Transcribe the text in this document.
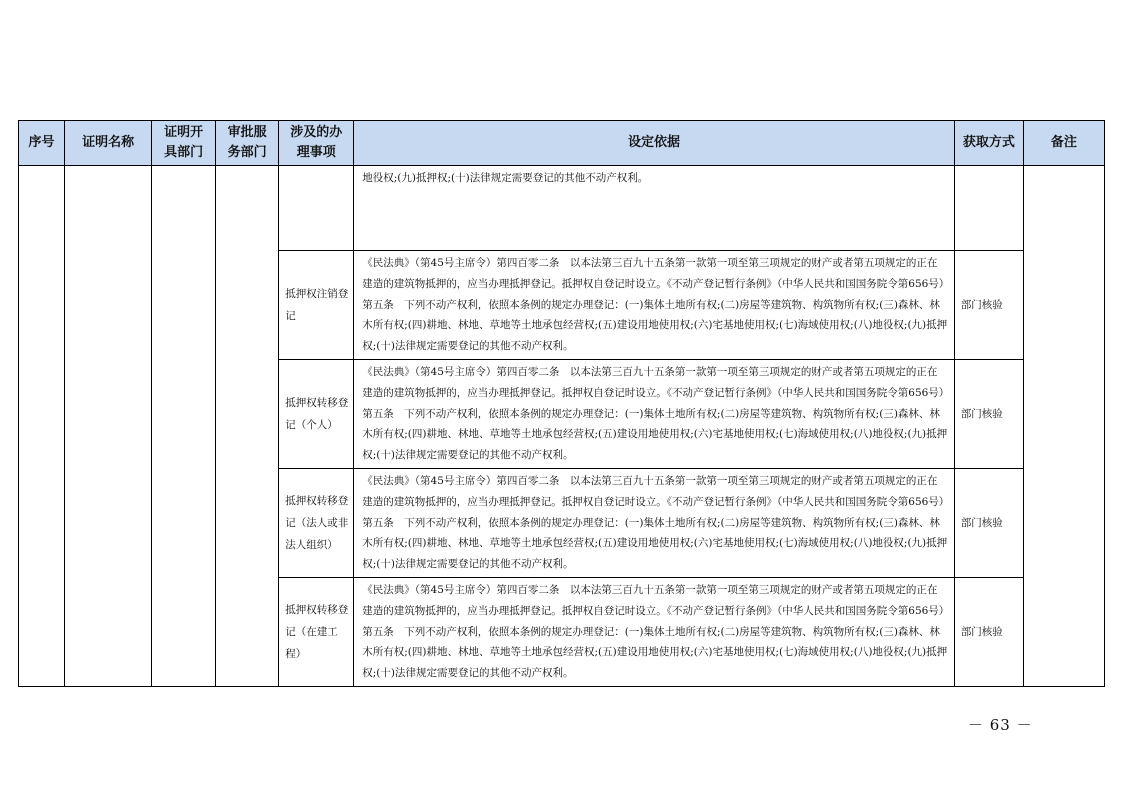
序号	证明名称	证明开具部门	审批服务部门	涉及的办理事项	设定依据	获取方式	备注

					地役权;(九)抵押权;(十)法律规定需要登记的其他不动产权利。		

				抵押权注销登记	《民法典》（第45号主席令）第四百零二条　以本法第三百九十五条第一款第一项至第三项规定的财产或者第五项规定的正在建造的建筑物抵押的，应当办理抵押登记。抵押权自登记时设立。《不动产登记暂行条例》（中华人民共和国国务院令第656号）第五条　下列不动产权利，依照本条例的规定办理登记：(一)集体土地所有权;(二)房屋等建筑物、构筑物所有权;(三)森林、林木所有权;(四)耕地、林地、草地等土地承包经营权;(五)建设用地使用权;(六)宅基地使用权;(七)海域使用权;(八)地役权;(九)抵押权;(十)法律规定需要登记的其他不动产权利。	部门核验	
				抵押权转移登记（个人）	《民法典》（第45号主席令）第四百零二条　以本法第三百九十五条第一款第一项至第三项规定的财产或者第五项规定的正在建造的建筑物抵押的，应当办理抵押登记。抵押权自登记时设立。《不动产登记暂行条例》（中华人民共和国国务院令第656号）第五条　下列不动产权利，依照本条例的规定办理登记：(一)集体土地所有权;(二)房屋等建筑物、构筑物所有权;(三)森林、林木所有权;(四)耕地、林地、草地等土地承包经营权;(五)建设用地使用权;(六)宅基地使用权;(七)海域使用权;(八)地役权;(九)抵押权;(十)法律规定需要登记的其他不动产权利。	部门核验	
				抵押权转移登记（法人或非法人组织）	《民法典》（第45号主席令）第四百零二条　以本法第三百九十五条第一款第一项至第三项规定的财产或者第五项规定的正在建造的建筑物抵押的，应当办理抵押登记。抵押权自登记时设立。《不动产登记暂行条例》（中华人民共和国国务院令第656号）第五条　下列不动产权利，依照本条例的规定办理登记：(一)集体土地所有权;(二)房屋等建筑物、构筑物所有权;(三)森林、林木所有权;(四)耕地、林地、草地等土地承包经营权;(五)建设用地使用权;(六)宅基地使用权;(七)海域使用权;(八)地役权;(九)抵押权;(十)法律规定需要登记的其他不动产权利。	部门核验	
				抵押权转移登记（在建工程）	《民法典》（第45号主席令）第四百零二条　以本法第三百九十五条第一款第一项至第三项规定的财产或者第五项规定的正在建造的建筑物抵押的，应当办理抵押登记。抵押权自登记时设立。《不动产登记暂行条例》（中华人民共和国国务院令第656号）第五条　下列不动产权利，依照本条例的规定办理登记：(一)集体土地所有权;(二)房屋等建筑物、构筑物所有权;(三)森林、林木所有权;(四)耕地、林地、草地等土地承包经营权;(五)建设用地使用权;(六)宅基地使用权;(七)海域使用权;(八)地役权;(九)抵押权;(十)法律规定需要登记的其他不动产权利。	部门核验	
－ 63 －
